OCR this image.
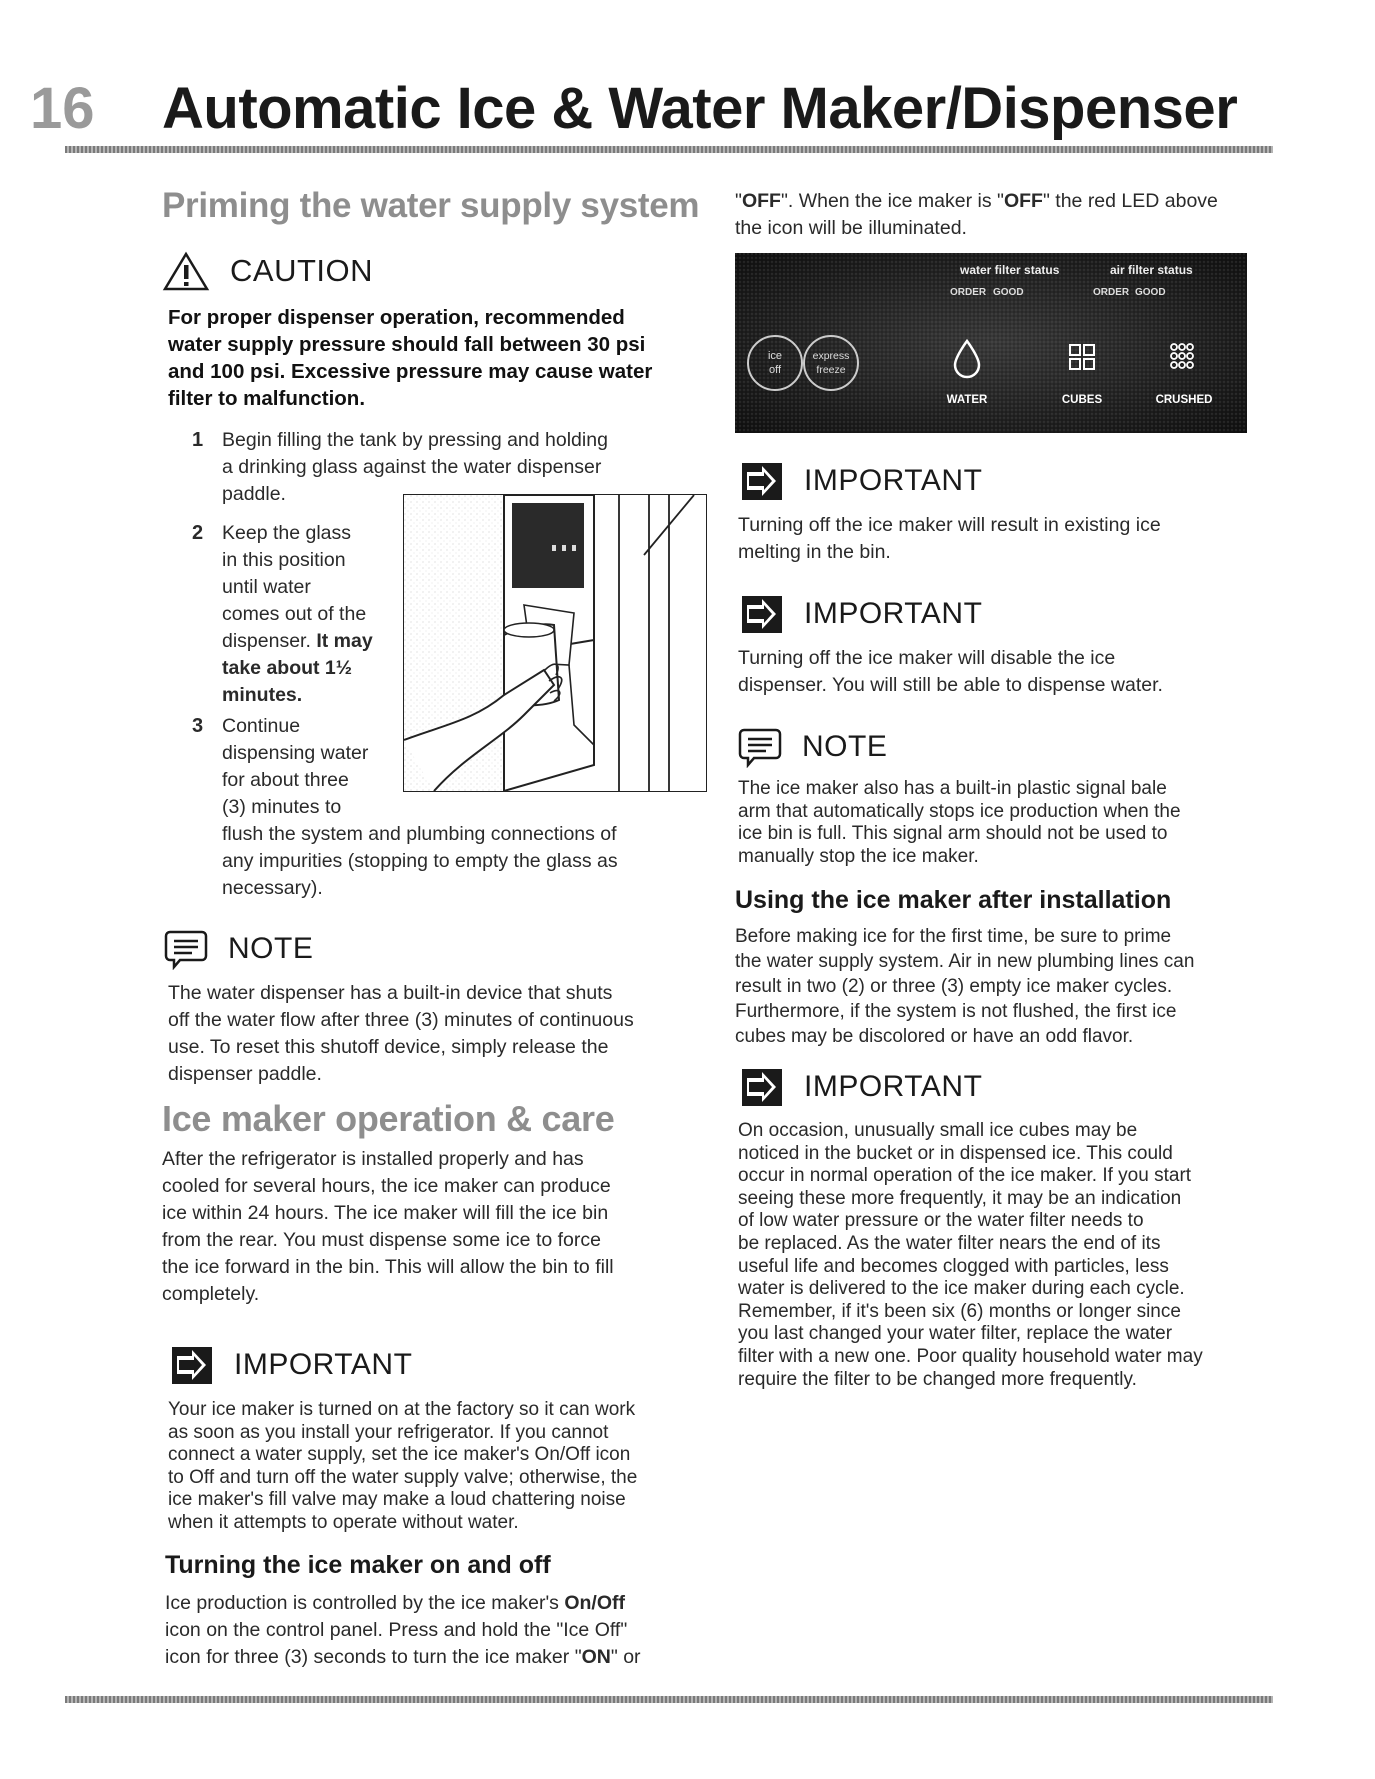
16 Automatic Ice & Water Maker/Dispenser
Priming the water supply system
CAUTION
For proper dispenser operation, recommended
water supply pressure should fall between 30 psi
and 100 psi. Excessive pressure may cause water
filter to malfunction.
1 Begin filling the tank by pressing and holding
a drinking glass against the water dispenser
paddle.
2 Keep the glass
in this position
until water
comes out of the
dispenser. It may
take about 1½
minutes.
3 Continue
dispensing water
for about three
(3) minutes to
flush the system and plumbing connections of
any impurities (stopping to empty the glass as
necessary).
NOTE
The water dispenser has a built-in device that shuts
off the water flow after three (3) minutes of continuous
use. To reset this shutoff device, simply release the
dispenser paddle.
Ice maker operation & care
After the refrigerator is installed properly and has
cooled for several hours, the ice maker can produce
ice within 24 hours. The ice maker will fill the ice bin
from the rear. You must dispense some ice to force
the ice forward in the bin. This will allow the bin to fill
completely.
IMPORTANT
Your ice maker is turned on at the factory so it can work
as soon as you install your refrigerator. If you cannot
connect a water supply, set the ice maker's On/Off icon
to Off and turn off the water supply valve; otherwise, the
ice maker's fill valve may make a loud chattering noise
when it attempts to operate without water.
Turning the ice maker on and off
Ice production is controlled by the ice maker's On/Off
icon on the control panel. Press and hold the "Ice Off"
icon for three (3) seconds to turn the ice maker "ON" or
"OFF". When the ice maker is "OFF" the red LED above
the icon will be illuminated.
water filter status	air filter status
ORDER GOOD	ORDER GOOD
ice
off
express
freeze
WATER	CUBES	CRUSHED
IMPORTANT
Turning off the ice maker will result in existing ice
melting in the bin.
IMPORTANT
Turning off the ice maker will disable the ice
dispenser. You will still be able to dispense water.
NOTE
The ice maker also has a built-in plastic signal bale
arm that automatically stops ice production when the
ice bin is full. This signal arm should not be used to
manually stop the ice maker.
Using the ice maker after installation
Before making ice for the first time, be sure to prime
the water supply system. Air in new plumbing lines can
result in two (2) or three (3) empty ice maker cycles.
Furthermore, if the system is not flushed, the first ice
cubes may be discolored or have an odd flavor.
IMPORTANT
On occasion, unusually small ice cubes may be
noticed in the bucket or in dispensed ice. This could
occur in normal operation of the ice maker. If you start
seeing these more frequently, it may be an indication
of low water pressure or the water filter needs to
be replaced. As the water filter nears the end of its
useful life and becomes clogged with particles, less
water is delivered to the ice maker during each cycle.
Remember, if it's been six (6) months or longer since
you last changed your water filter, replace the water
filter with a new one. Poor quality household water may
require the filter to be changed more frequently.
